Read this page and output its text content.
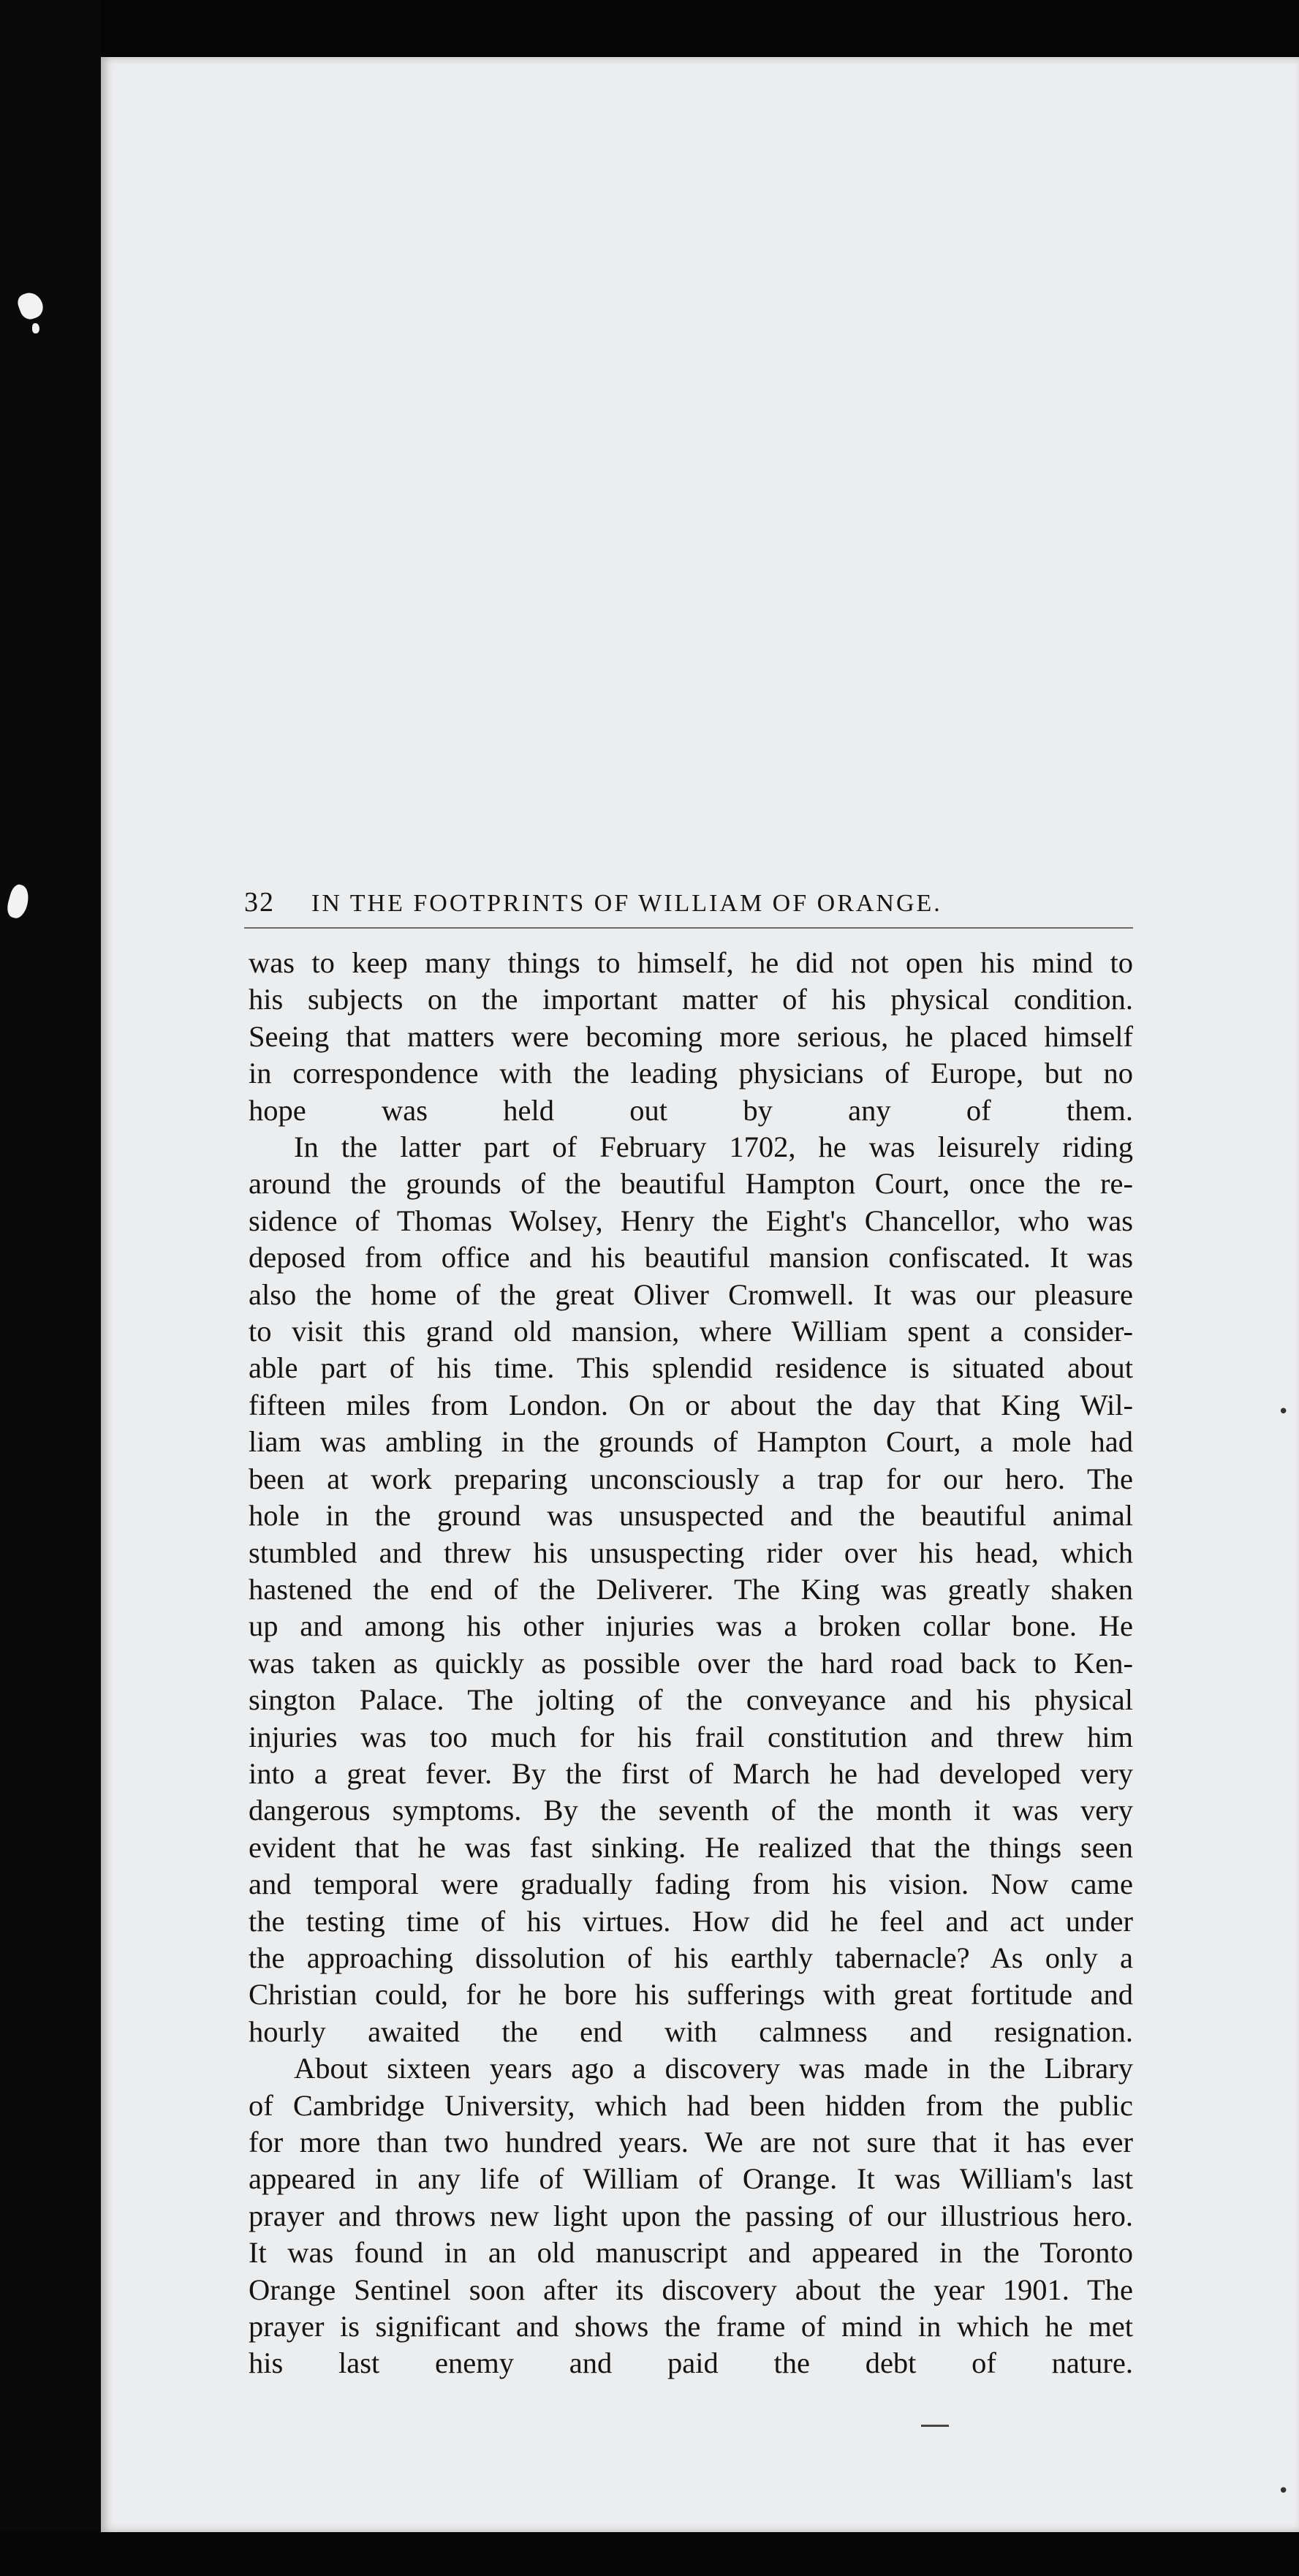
•
•
32	IN THE FOOTPRINTS OF WILLIAM OF ORANGE.

was to keep many things to himself, he did not open his mind to
his subjects on the important matter of his physical condition.
Seeing that matters were becoming more serious, he placed himself
in correspondence with the leading physicians of Europe, but no
hope was held out by any of them.

In the latter part of February 1702, he was leisurely riding
around the grounds of the beautiful Hampton Court, once the re-
sidence of Thomas Wolsey, Henry the Eight's Chancellor, who was
deposed from office and his beautiful mansion confiscated. It was
also the home of the great Oliver Cromwell. It was our pleasure
to visit this grand old mansion, where William spent a consider-
able part of his time. This splendid residence is situated about
fifteen miles from London. On or about the day that King Wil-
liam was ambling in the grounds of Hampton Court, a mole had
been at work preparing unconsciously a trap for our hero. The
hole in the ground was unsuspected and the beautiful animal
stumbled and threw his unsuspecting rider over his head, which
hastened the end of the Deliverer. The King was greatly shaken
up and among his other injuries was a broken collar bone. He
was taken as quickly as possible over the hard road back to Ken-
sington Palace. The jolting of the conveyance and his physical
injuries was too much for his frail constitution and threw him
into a great fever. By the first of March he had developed very
dangerous symptoms. By the seventh of the month it was very
evident that he was fast sinking. He realized that the things seen
and temporal were gradually fading from his vision. Now came
the testing time of his virtues. How did he feel and act under
the approaching dissolution of his earthly tabernacle? As only a
Christian could, for he bore his sufferings with great fortitude and
hourly awaited the end with calmness and resignation.

About sixteen years ago a discovery was made in the Library
of Cambridge University, which had been hidden from the public
for more than two hundred years. We are not sure that it has ever
appeared in any life of William of Orange. It was William's last
prayer and throws new light upon the passing of our illustrious hero.
It was found in an old manuscript and appeared in the Toronto
Orange Sentinel soon after its discovery about the year 1901. The
prayer is significant and shows the frame of mind in which he met
his last enemy and paid the debt of nature.
